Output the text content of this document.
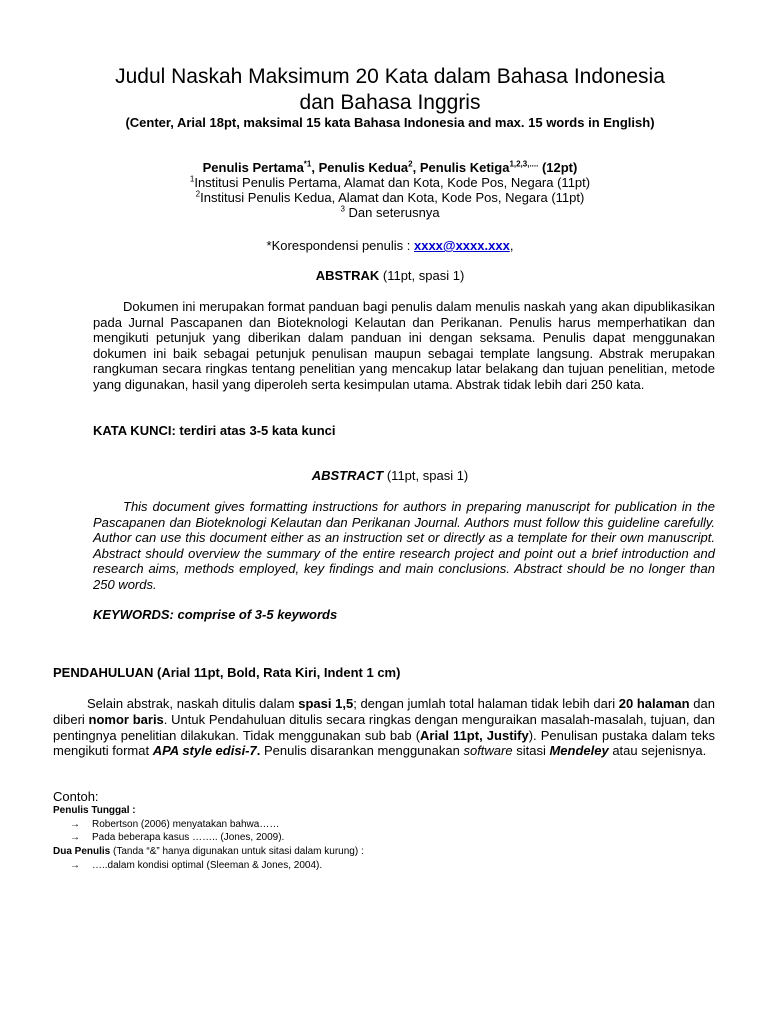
Judul Naskah Maksimum 20 Kata dalam Bahasa Indonesia
dan Bahasa Inggris
(Center, Arial 18pt, maksimal 15 kata Bahasa Indonesia and max. 15 words in English)
Penulis Pertama$^{*1}$, Penulis Kedua$^2$, Penulis Ketiga$^{1,2,3,....}$ (12pt)
$^1$Institusi Penulis Pertama, Alamat dan Kota, Kode Pos, Negara (11pt)
$^2$Institusi Penulis Kedua, Alamat dan Kota, Kode Pos, Negara (11pt)
$^3$ Dan seterusnya
*Korespondensi penulis : xxxx@xxxx.xxx,
ABSTRAK (11pt, spasi 1)
Dokumen ini merupakan format panduan bagi penulis dalam menulis naskah yang akan dipublikasikan pada Jurnal Pascapanen dan Bioteknologi Kelautan dan Perikanan. Penulis harus memperhatikan dan mengikuti petunjuk yang diberikan dalam panduan ini dengan seksama. Penulis dapat menggunakan dokumen ini baik sebagai petunjuk penulisan maupun sebagai template langsung. Abstrak merupakan rangkuman secara ringkas tentang penelitian yang mencakup latar belakang dan tujuan penelitian, metode yang digunakan, hasil yang diperoleh serta kesimpulan utama. Abstrak tidak lebih dari 250 kata.
KATA KUNCI: terdiri atas 3-5 kata kunci
ABSTRACT (11pt, spasi 1)
This document gives formatting instructions for authors in preparing manuscript for publication in the Pascapanen dan Bioteknologi Kelautan dan Perikanan Journal. Authors must follow this guideline carefully. Author can use this document either as an instruction set or directly as a template for their own manuscript. Abstract should overview the summary of the entire research project and point out a brief introduction and research aims, methods employed, key findings and main conclusions. Abstract should be no longer than 250 words.
KEYWORDS: comprise of 3-5 keywords
PENDAHULUAN (Arial 11pt, Bold, Rata Kiri, Indent 1 cm)
Selain abstrak, naskah ditulis dalam spasi 1,5; dengan jumlah total halaman tidak lebih dari 20 halaman dan diberi nomor baris. Untuk Pendahuluan ditulis secara ringkas dengan menguraikan masalah-masalah, tujuan, dan pentingnya penelitian dilakukan. Tidak menggunakan sub bab (Arial 11pt, Justify). Penulisan pustaka dalam teks mengikuti format APA style edisi-7. Penulis disarankan menggunakan software sitasi Mendeley atau sejenisnya.
Contoh:
Penulis Tunggal :
→ Robertson (2006) menyatakan bahwa……
→ Pada beberapa kasus …….. (Jones, 2009).
Dua Penulis (Tanda “&” hanya digunakan untuk sitasi dalam kurung) :
→ …..dalam kondisi optimal (Sleeman & Jones, 2004).
